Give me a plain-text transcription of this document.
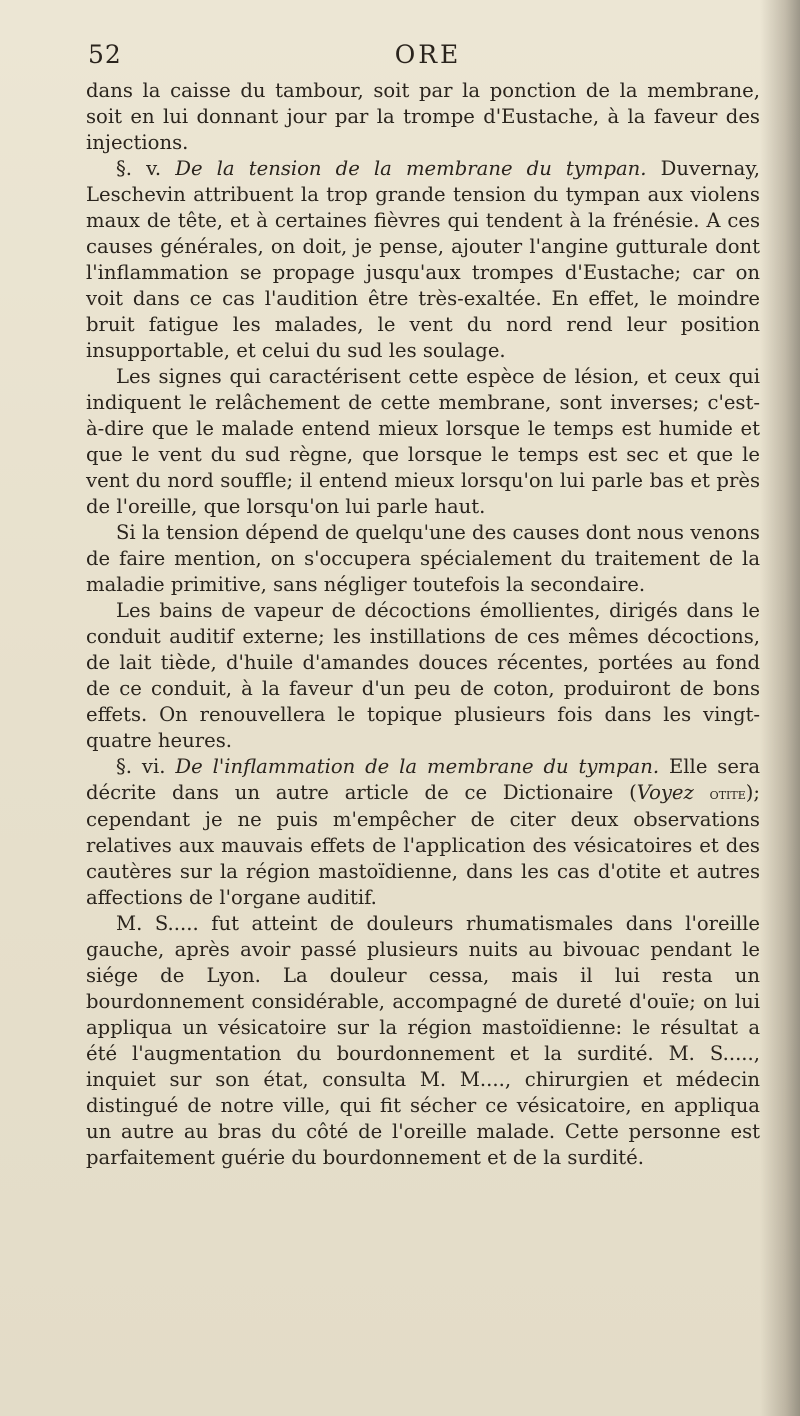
52	ORE

dans la caisse du tambour, soit par la ponction de la membrane, soit en lui donnant jour par la trompe d'Eustache, à la faveur des injections.

§. v. De la tension de la membrane du tympan. Duvernay, Leschevin attribuent la trop grande tension du tympan aux violens maux de tête, et à certaines fièvres qui tendent à la frénésie. A ces causes générales, on doit, je pense, ajouter l'angine gutturale dont l'inflammation se propage jusqu'aux trompes d'Eustache; car on voit dans ce cas l'audition être très-exaltée. En effet, le moindre bruit fatigue les malades, le vent du nord rend leur position insupportable, et celui du sud les soulage.

Les signes qui caractérisent cette espèce de lésion, et ceux qui indiquent le relâchement de cette membrane, sont inverses; c'est-à-dire que le malade entend mieux lorsque le temps est humide et que le vent du sud règne, que lorsque le temps est sec et que le vent du nord souffle; il entend mieux lorsqu'on lui parle bas et près de l'oreille, que lorsqu'on lui parle haut.

Si la tension dépend de quelqu'une des causes dont nous venons de faire mention, on s'occupera spécialement du traitement de la maladie primitive, sans négliger toutefois la secondaire.

Les bains de vapeur de décoctions émollientes, dirigés dans le conduit auditif externe; les instillations de ces mêmes décoctions, de lait tiède, d'huile d'amandes douces récentes, portées au fond de ce conduit, à la faveur d'un peu de coton, produiront de bons effets. On renouvellera le topique plusieurs fois dans les vingt-quatre heures.

§. vi. De l'inflammation de la membrane du tympan. Elle sera décrite dans un autre article de ce Dictionaire (Voyez otite); cependant je ne puis m'empêcher de citer deux observations relatives aux mauvais effets de l'application des vésicatoires et des cautères sur la région mastoïdienne, dans les cas d'otite et autres affections de l'organe auditif.

M. S..... fut atteint de douleurs rhumatismales dans l'oreille gauche, après avoir passé plusieurs nuits au bivouac pendant le siége de Lyon. La douleur cessa, mais il lui resta un bourdonnement considérable, accompagné de dureté d'ouïe; on lui appliqua un vésicatoire sur la région mastoïdienne: le résultat a été l'augmentation du bourdonnement et la surdité. M. S....., inquiet sur son état, consulta M. M...., chirurgien et médecin distingué de notre ville, qui fit sécher ce vésicatoire, en appliqua un autre au bras du côté de l'oreille malade. Cette personne est parfaitement guérie du bourdonnement et de la surdité.
